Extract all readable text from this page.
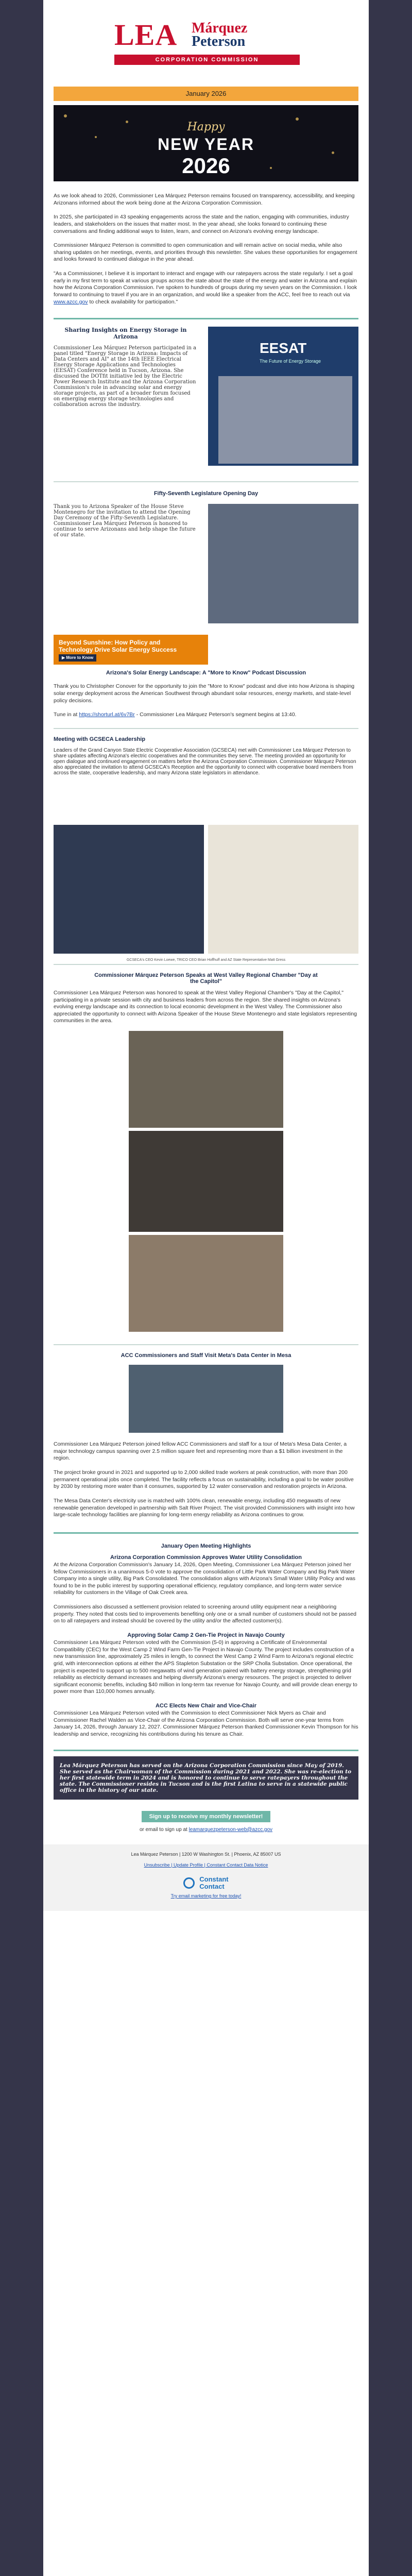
LEA Márquez
Peterson
CORPORATION COMMISSION
January 2026
Happy
NEW YEAR
2026
As we look ahead to 2026, Commissioner Lea Márquez Peterson remains focused on transparency, accessibility, and keeping Arizonans informed about the work being done at the Arizona Corporation Commission.
In 2025, she participated in 43 speaking engagements across the state and the nation, engaging with communities, industry leaders, and stakeholders on the issues that matter most. In the year ahead, she looks forward to continuing these conversations and finding additional ways to listen, learn, and connect on Arizona's evolving energy landscape.
Commissioner Márquez Peterson is committed to open communication and will remain active on social media, while also sharing updates on her meetings, events, and priorities through this newsletter. She values these opportunities for engagement and looks forward to continued dialogue in the year ahead.
"As a Commissioner, I believe it is important to interact and engage with our ratepayers across the state regularly. I set a goal early in my first term to speak at various groups across the state about the state of the energy and water in Arizona and explain how the Arizona Corporation Commission. I've spoken to hundreds of groups during my seven years on the Commission. I look forward to continuing to travel if you are in an organization, and would like a speaker from the ACC, feel free to reach out via www.azcc.gov to check availability for participation."
Sharing Insights on Energy Storage in Arizona
Commissioner Lea Márquez Peterson participated in a panel titled "Energy Storage in Arizona: Impacts of Data Centers and AI" at the 14th IEEE Electrical Energy Storage Applications and Technologies (EESAT) Conference held in Tucson, Arizona. She discussed the DOTfit initiative led by the Electric Power Research Institute and the Arizona Corporation Commission's role in advancing solar and energy storage projects, as part of a broader forum focused on emerging energy storage technologies and collaboration across the industry.
EESAT
The Future of Energy Storage
Fifty-Seventh Legislature Opening Day
Thank you to Arizona Speaker of the House Steve Montenegro for the invitation to attend the Opening Day Ceremony of the Fifty-Seventh Legislature. Commissioner Lea Márquez Peterson is honored to continue to serve Arizonans and help shape the future of our state.
Beyond Sunshine: How Policy and
Technology Drive Solar Energy Success
▶ More to Know
Arizona's Solar Energy Landscape: A "More to Know" Podcast Discussion
Thank you to Christopher Conover for the opportunity to join the "More to Know" podcast and dive into how Arizona is shaping solar energy deployment across the American Southwest through abundant solar resources, energy markets, and state-level policy decisions.
Tune in at https://shorturl.at/6v7Br - Commissioner Lea Márquez Peterson's segment begins at 13:40.
Meeting with GCSECA Leadership
Leaders of the Grand Canyon State Electric Cooperative Association (GCSECA) met with Commissioner Lea Márquez Peterson to share updates affecting Arizona's electric cooperatives and the communities they serve. The meeting provided an opportunity for open dialogue and continued engagement on matters before the Arizona Corporation Commission. Commissioner Márquez Peterson also appreciated the invitation to attend GCSECA's Reception and the opportunity to connect with cooperative board members from across the state, cooperative leadership, and many Arizona state legislators in attendance.
GCSECA's CEO Kevin Loewe, TRICO CEO Brian Hoffhuff and AZ State Representative Matt Gress
Commissioner Márquez Peterson Speaks at West Valley Regional Chamber "Day at the Capitol"
Commissioner Lea Márquez Peterson was honored to speak at the West Valley Regional Chamber's "Day at the Capitol," participating in a private session with city and business leaders from across the region. She shared insights on Arizona's evolving energy landscape and its connection to local economic development in the West Valley. The Commissioner also appreciated the opportunity to connect with Arizona Speaker of the House Steve Montenegro and state legislators representing communities in the area.
ACC Commissioners and Staff Visit Meta's Data Center in Mesa
Commissioner Lea Márquez Peterson joined fellow ACC Commissioners and staff for a tour of Meta's Mesa Data Center, a major technology campus spanning over 2.5 million square feet and representing more than a $1 billion investment in the region.
The project broke ground in 2021 and supported up to 2,000 skilled trade workers at peak construction, with more than 200 permanent operational jobs once completed. The facility reflects a focus on sustainability, including a goal to be water positive by 2030 by restoring more water than it consumes, supported by 12 water conservation and restoration projects in Arizona.
The Mesa Data Center's electricity use is matched with 100% clean, renewable energy, including 450 megawatts of new renewable generation developed in partnership with Salt River Project. The visit provided Commissioners with insight into how large-scale technology facilities are planning for long-term energy reliability as Arizona continues to grow.
January Open Meeting Highlights
Arizona Corporation Commission Approves Water Utility Consolidation
At the Arizona Corporation Commission's January 14, 2026, Open Meeting, Commissioner Lea Márquez Peterson joined her fellow Commissioners in a unanimous 5-0 vote to approve the consolidation of Little Park Water Company and Big Park Water Company into a single utility, Big Park Consolidated. The consolidation aligns with Arizona's Small Water Utility Policy and was found to be in the public interest by supporting operational efficiency, regulatory compliance, and long-term water service reliability for customers in the Village of Oak Creek area.
Commissioners also discussed a settlement provision related to screening around utility equipment near a neighboring property. They noted that costs tied to improvements benefiting only one or a small number of customers should not be passed on to all ratepayers and instead should be covered by the utility and/or the affected customer(s).
Approving Solar Camp 2 Gen-Tie Project in Navajo County
Commissioner Lea Márquez Peterson voted with the Commission (5-0) in approving a Certificate of Environmental Compatibility (CEC) for the West Camp 2 Wind Farm Gen-Tie Project in Navajo County. The project includes construction of a new transmission line, approximately 25 miles in length, to connect the West Camp 2 Wind Farm to Arizona's regional electric grid, with interconnection options at either the APS Stapleton Substation or the SRP Cholla Substation. Once operational, the project is expected to support up to 500 megawatts of wind generation paired with battery energy storage, strengthening grid reliability as electricity demand increases and helping diversify Arizona's energy resources. The project is projected to deliver significant economic benefits, including $40 million in long-term tax revenue for Navajo County, and will provide clean energy to power more than 110,000 homes annually.
ACC Elects New Chair and Vice-Chair
Commissioner Lea Márquez Peterson voted with the Commission to elect Commissioner Nick Myers as Chair and Commissioner Rachel Walden as Vice-Chair of the Arizona Corporation Commission. Both will serve one-year terms from January 14, 2026, through January 12, 2027. Commissioner Márquez Peterson thanked Commissioner Kevin Thompson for his leadership and service, recognizing his contributions during his tenure as Chair.
Lea Márquez Peterson has served on the Arizona Corporation Commission since May of 2019. She served as the Chairwoman of the Commission during 2021 and 2022. She was re-election to her first statewide term in 2024 and is honored to continue to serve ratepayers throughout the state. The Commissioner resides in Tucson and is the first Latina to serve in a statewide public office in the history of our state.
Sign up to receive my monthly newsletter!
or email to sign up at leamarquezpeterson-web@azcc.gov
Lea Márquez Peterson | 1200 W Washington St. | Phoenix, AZ 85007 US
Unsubscribe | Update Profile | Constant Contact Data Notice

Constant
Contact
Try email marketing for free today!
